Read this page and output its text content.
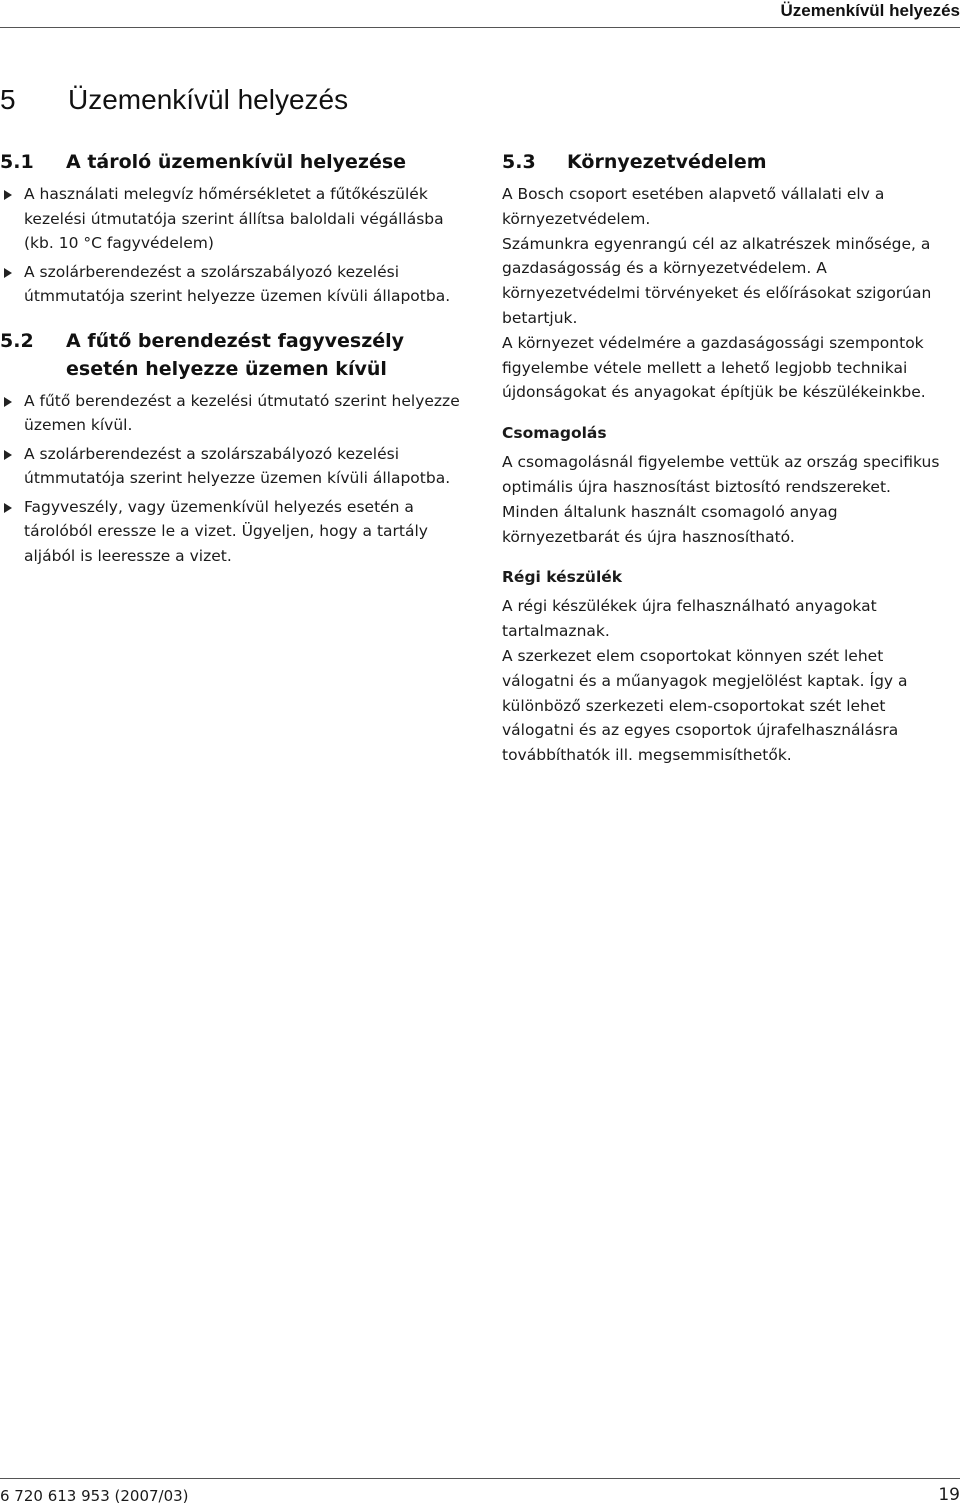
Üzemenkívül helyezés
5 Üzemenkívül helyezés
5.1	A tároló üzemenkívül helyezése
A használati melegvíz hőmérsékletet a fűtőkészülék kezelési útmutatója szerint állítsa baloldali végállásba (kb. 10 °C fagyvédelem)
A szolárberendezést a szolárszabályozó kezelési útmmutatója szerint helyezze üzemen kívüli állapotba.
5.2	A fűtő berendezést fagyveszély esetén helyezze üzemen kívül
A fűtő berendezést a kezelési útmutató szerint helyezze üzemen kívül.
A szolárberendezést a szolárszabályozó kezelési útmmutatója szerint helyezze üzemen kívüli állapotba.
Fagyveszély, vagy üzemenkívül helyezés esetén a tárolóból eressze le a vizet. Ügyeljen, hogy a tartály aljából is leeressze a vizet.
5.3	Környezetvédelem

A Bosch csoport esetében alapvető vállalati elv a környezetvédelem.

Számunkra egyenrangú cél az alkatrészek minősége, a gazdaságosság és a környezetvédelem. A környezetvédelmi törvényeket és előírásokat szigorúan betartjuk.

A környezet védelmére a gazdaságossági szempontok figyelembe vétele mellett a lehető legjobb technikai újdonságokat és anyagokat építjük be készülékeinkbe.

Csomagolás

A csomagolásnál figyelembe vettük az ország specifikus optimális újra hasznosítást biztosító rendszereket.

Minden általunk használt csomagoló anyag környezetbarát és újra hasznosítható.

Régi készülék

A régi készülékek újra felhasználható anyagokat tartalmaznak.

A szerkezet elem csoportokat könnyen szét lehet válogatni és a műanyagok megjelölést kaptak. Így a különböző szerkezeti elem-csoportokat szét lehet válogatni és az egyes csoportok újrafelhasználásra továbbíthatók ill. megsemmisíthetők.

6 720 613 953 (2007/03)	19
